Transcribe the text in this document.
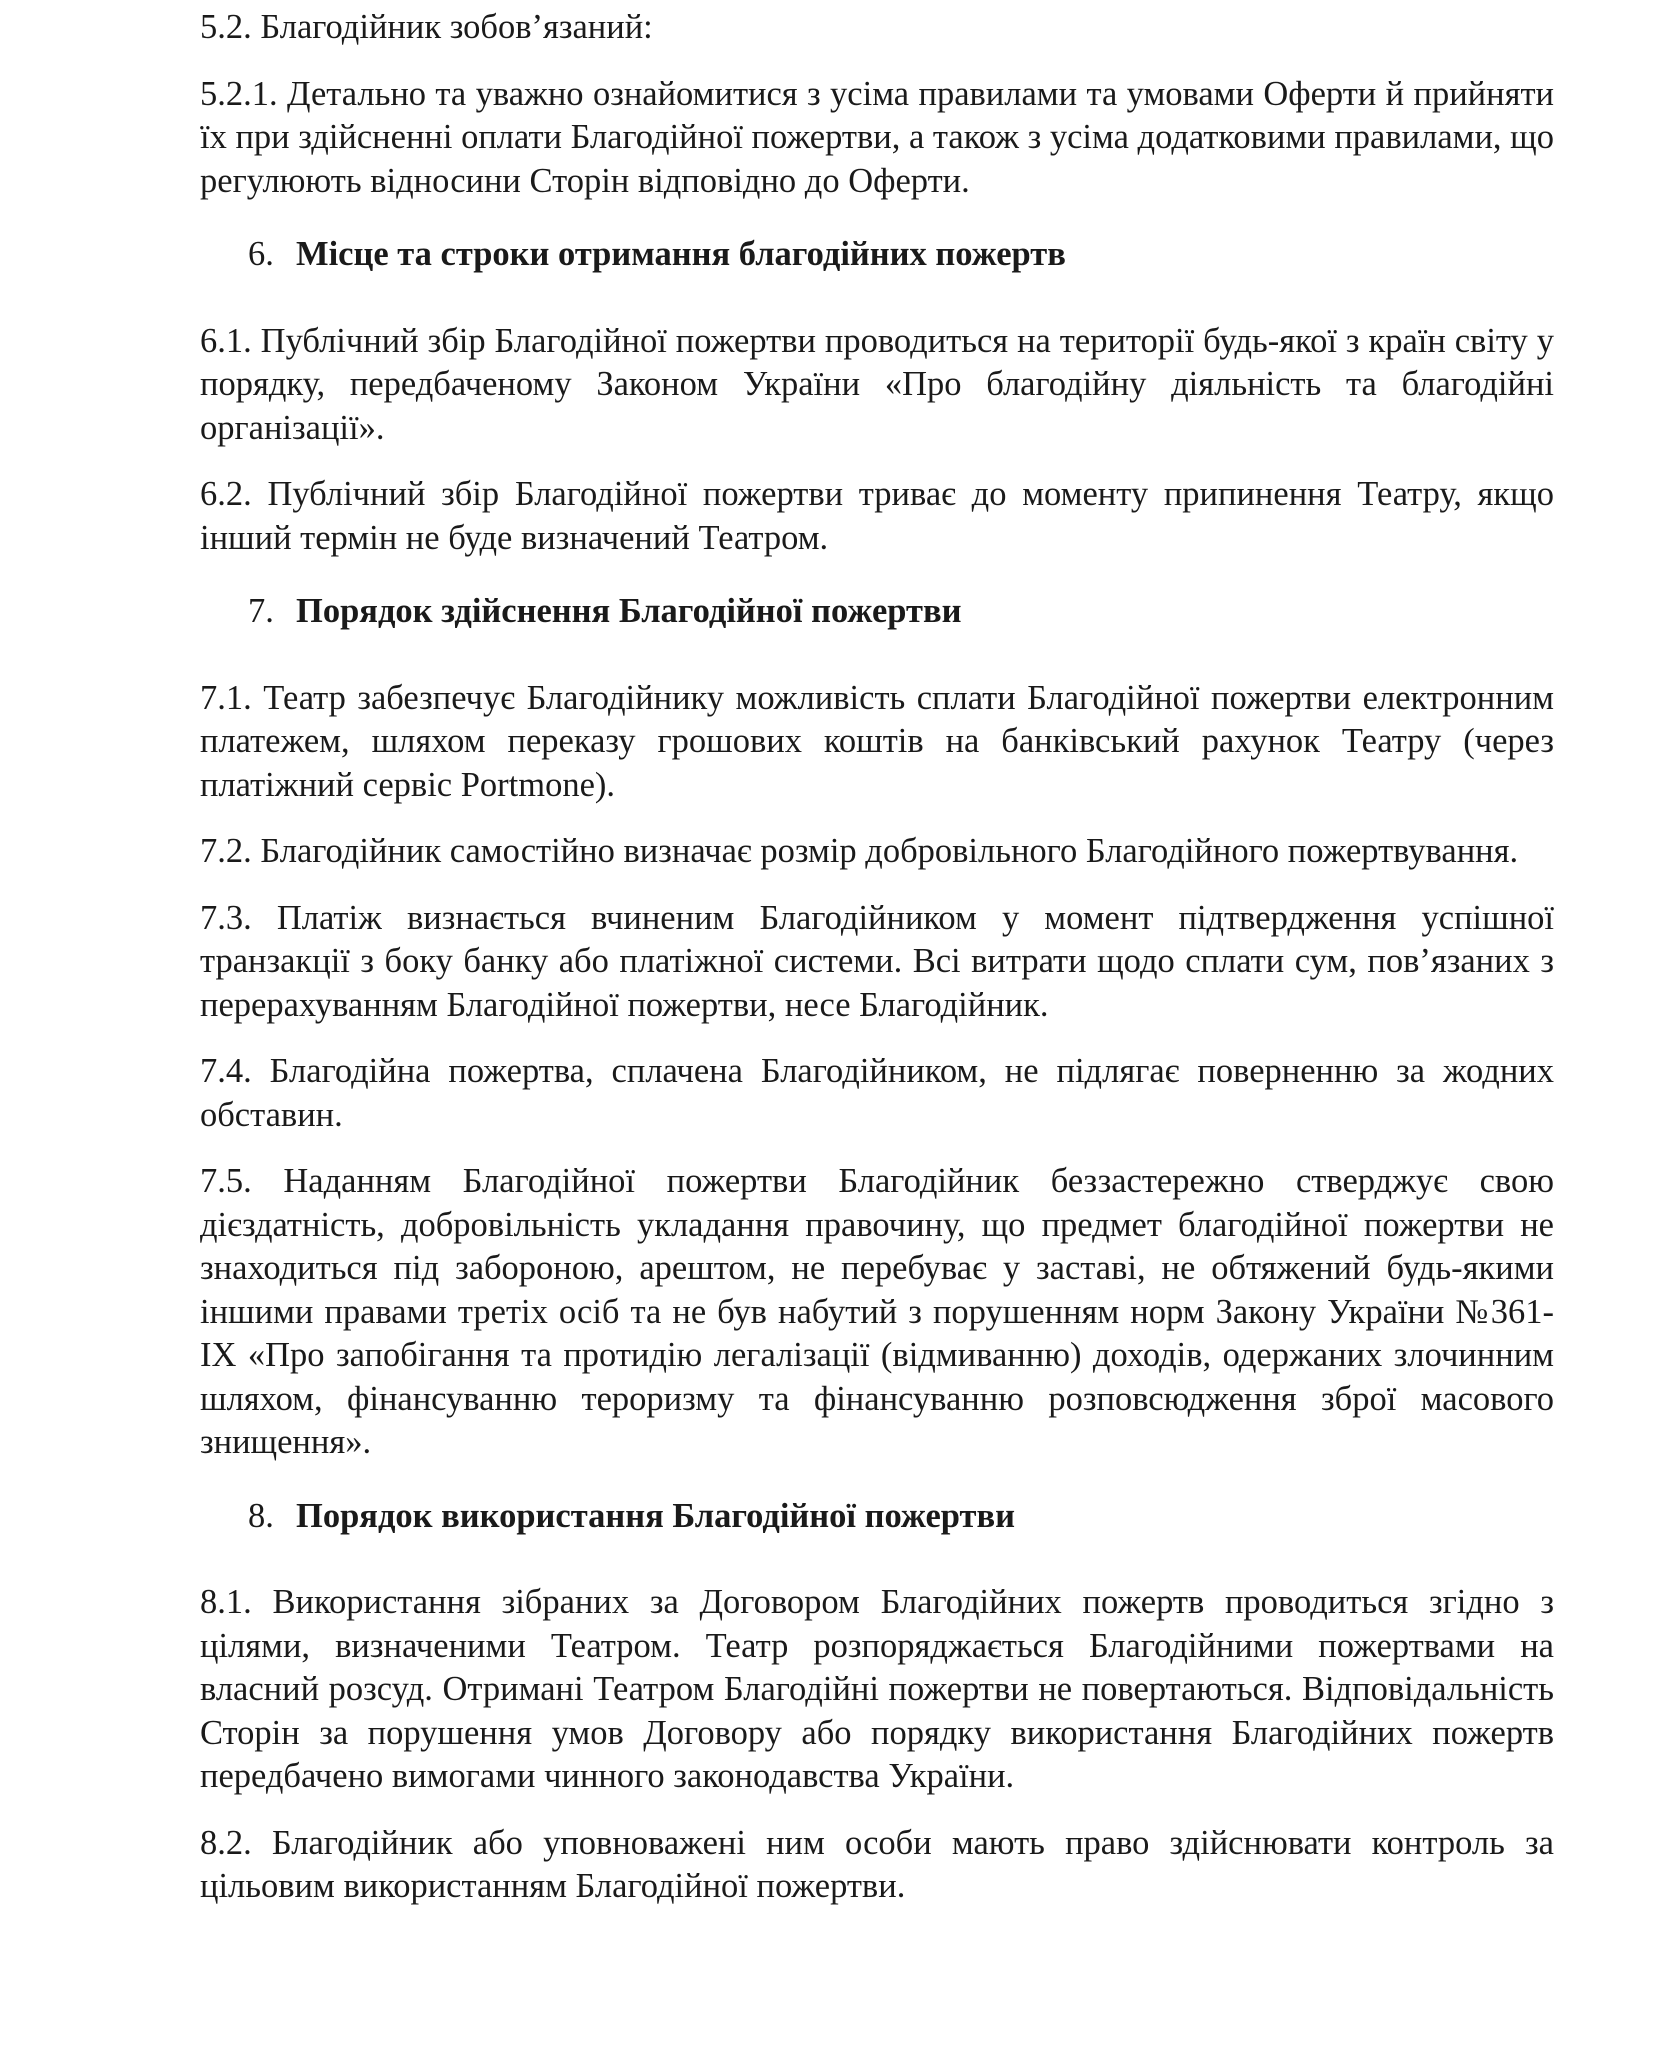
5.2. Благодійник зобов’язаний:

5.2.1. Детально та уважно ознайомитися з усіма правилами та умовами Оферти й прийняти їх при здійсненні оплати Благодійної пожертви, а також з усіма додатковими правилами, що регулюють відносини Сторін відповідно до Оферти.

6. Місце та строки отримання благодійних пожертв

6.1. Публічний збір Благодійної пожертви проводиться на території будь-якої з країн світу у порядку, передбаченому Законом України «Про благодійну діяльність та благодійні організації».

6.2. Публічний збір Благодійної пожертви триває до моменту припинення Театру, якщо інший термін не буде визначений Театром.

7. Порядок здійснення Благодійної пожертви

7.1. Театр забезпечує Благодійнику можливість сплати Благодійної пожертви електронним платежем, шляхом переказу грошових коштів на банківський рахунок Театру (через платіжний сервіс Portmone).

7.2. Благодійник самостійно визначає розмір добровільного Благодійного пожертвування.

7.3. Платіж визнається вчиненим Благодійником у момент підтвердження успішної транзакції з боку банку або платіжної системи. Всі витрати щодо сплати сум, пов’язаних з перерахуванням Благодійної пожертви, несе Благодійник.

7.4. Благодійна пожертва, сплачена Благодійником, не підлягає поверненню за жодних обставин.

7.5. Наданням Благодійної пожертви Благодійник беззастережно стверджує свою дієздатність, добровільність укладання правочину, що предмет благодійної пожертви не знаходиться під забороною, арештом, не перебуває у заставі, не обтяжений будь-якими іншими правами третіх осіб та не був набутий з порушенням норм Закону України №361-IX «Про запобігання та протидію легалізації (відмиванню) доходів, одержаних злочинним шляхом, фінансуванню тероризму та фінансуванню розповсюдження зброї масового знищення».

8. Порядок використання Благодійної пожертви

8.1. Використання зібраних за Договором Благодійних пожертв проводиться згідно з цілями, визначеними Театром. Театр розпоряджається Благодійними пожертвами на власний розсуд. Отримані Театром Благодійні пожертви не повертаються. Відповідальність Сторін за порушення умов Договору або порядку використання Благодійних пожертв передбачено вимогами чинного законодавства України.

8.2. Благодійник або уповноважені ним особи мають право здійснювати контроль за цільовим використанням Благодійної пожертви.
